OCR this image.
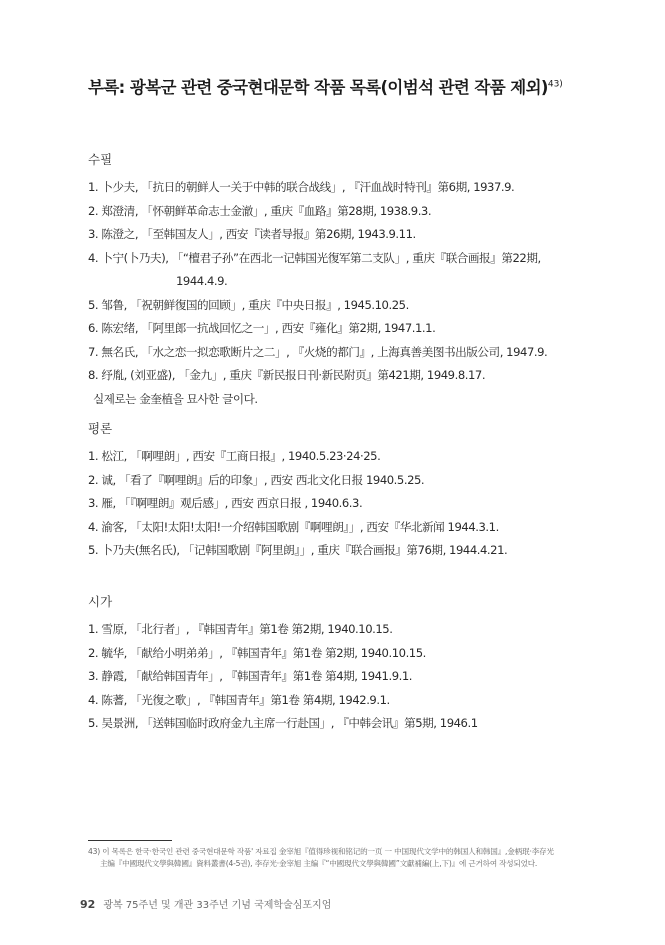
부록: 광복군 관련 중국현대문학 작품 목록(이범석 관련 작품 제외)$^{43)}$
수필
1. 卜少夫, 「抗日的朝鲜人一关于中韩的联合战线」, 『汗血战时特刊』第6期, 1937.9.
2. 郑澄清, 「怀朝鲜革命志士金澈」, 重庆『血路』第28期, 1938.9.3.
3. 陈澄之, 「至韩国友人」, 西安『读者导报』第26期, 1943.9.11.
4. 卜宁(卜乃夫), 「“檀君子孙”在西北一记韩国光復军第二支队」, 重庆『联合画报』第22期,
1944.4.9.
5. 邹鲁, 「祝朝鲜復国的回顾」, 重庆『中央日报』, 1945.10.25.
6. 陈宏绪, 「阿里郎一抗战回忆之一」, 西安『雍化』第2期, 1947.1.1.
7. 無名氏, 「水之恋一拟恋歌断片之二」, 『火烧的都门』, 上海真善美图书出版公司, 1947.9.
8. 纾胤, (刘亚盛), 「金九」, 重庆『新民报日刊·新民附页』第421期, 1949.8.17.
실제로는 金奎植을 묘사한 글이다.
평론
1. 松江, 「啊哩朗」, 西安『工商日报』, 1940.5.23·24·25.
2. 诚, 「看了『啊哩朗』后的印象」, 西安 西北文化日报 1940.5.25.
3. 雁, 「『啊哩朗』观后感」, 西安 西京日报 , 1940.6.3.
4. 渝客, 「太阳!太阳!太阳!一介绍韩国歌剧『啊哩朗』」, 西安『华北新闻 1944.3.1.
5. 卜乃夫(無名氏), 「记韩国歌剧『阿里朗』」, 重庆『联合画报』第76期, 1944.4.21.
시가
1. 雪原, 「北行者」, 『韩国青年』第1卷 第2期, 1940.10.15.
2. 毓华, 「献给小明弟弟」, 『韩国青年』第1卷 第2期, 1940.10.15.
3. 静霞, 「献给韩国青年」, 『韩国青年』第1卷 第4期, 1941.9.1.
4. 陈蓍, 「光復之歌」, 『韩国青年』第1卷 第4期, 1942.9.1.
5. 吴景洲, 「送韩国临时政府金九主席一行赴国」, 『中韩会讯』第5期, 1946.1
43) 이 목록은 한국·한국인 관련 중국현대문학 작품' 자료집 金宰旭『值得珍视和铭记的一页 一 中国现代文学中的韩国人和韩国』,金柄珉·李存光
主编『中國現代文學與韓國』資料叢書(4-5권), 李存光·金宰旭 主编『“中國現代文學與韓國”文獻補編(上,下)』에 근거하여 작성되었다.
92 광복 75주년 및 개관 33주년 기념 국제학술심포지엄
